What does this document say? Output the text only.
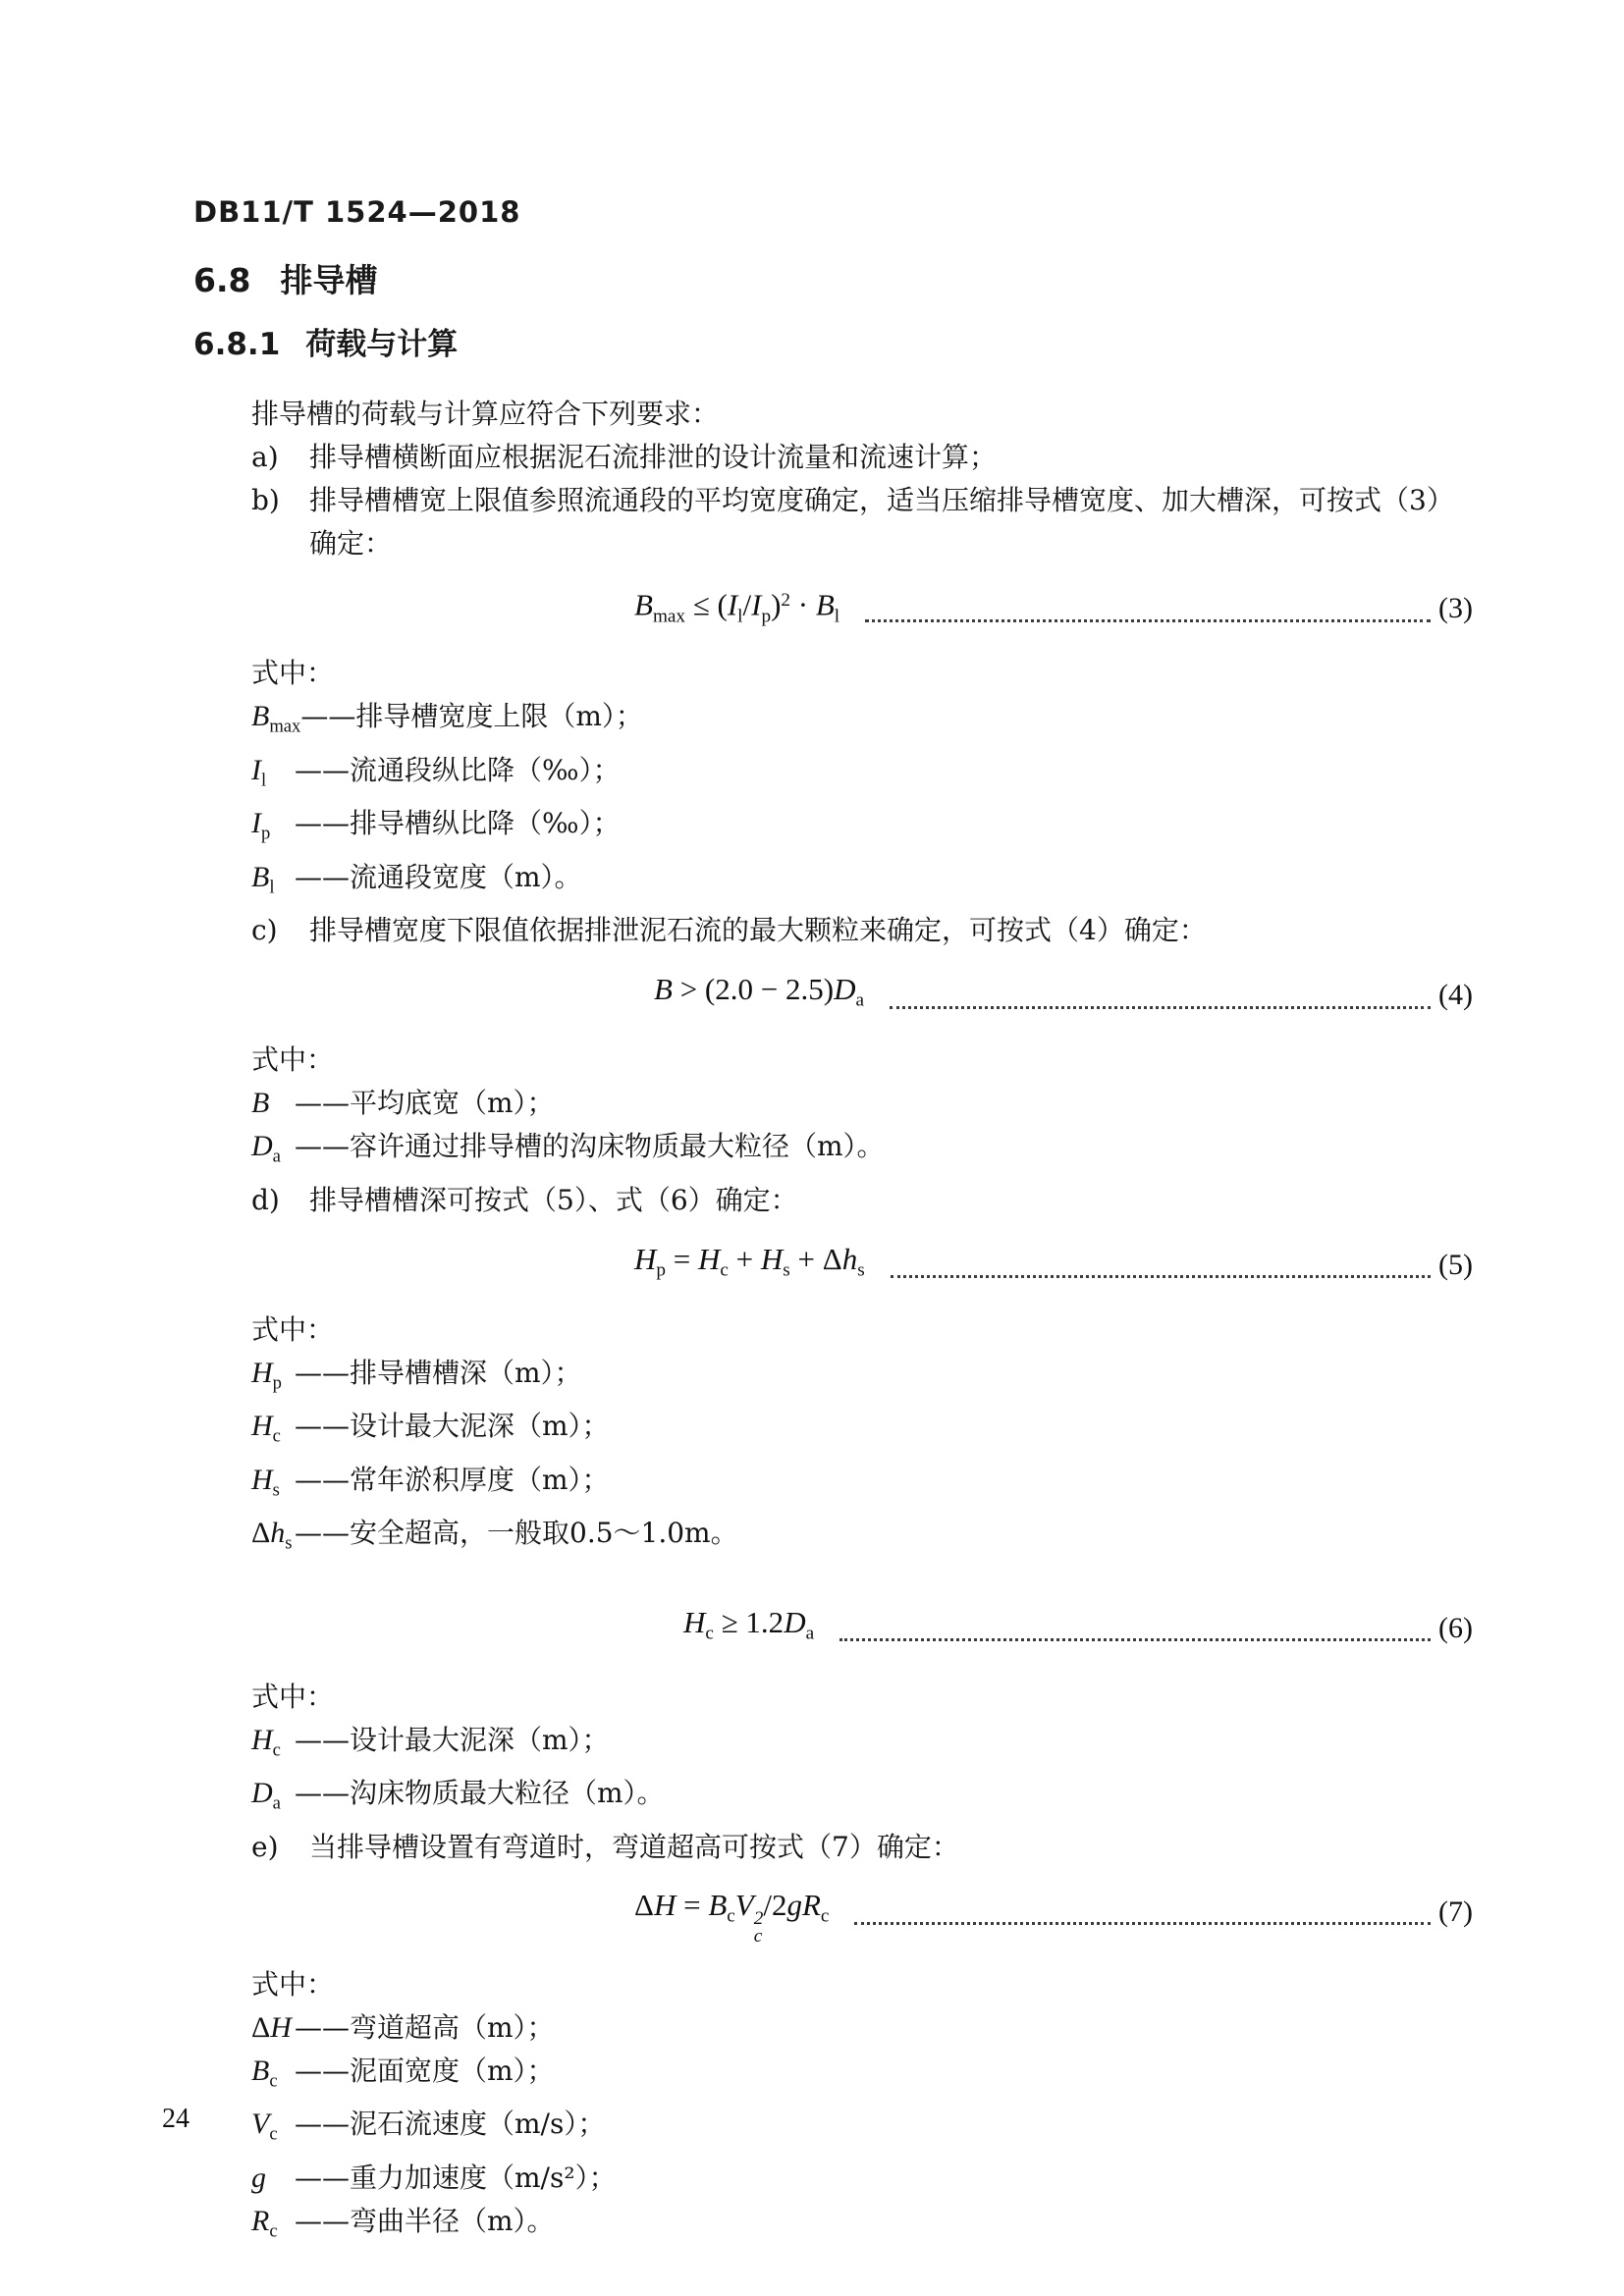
DB11/T 1524—2018
6.8 排导槽
6.8.1 荷载与计算

排导槽的荷载与计算应符合下列要求：

a)	排导槽横断面应根据泥石流排泄的设计流量和流速计算；
b)	排导槽槽宽上限值参照流通段的平均宽度确定，适当压缩排导槽宽度、加大槽深，可按式（3）确定：
$B_{max} \le (I_l/I_p)^2 \cdot B_l$	(3)

式中：

$B_{max}$ ——排导槽宽度上限（m）；
$I_l$	——流通段纵比降（‰）；
$I_p$ ——排导槽纵比降（‰）；
$B_l$ ——流通段宽度（m）。
c)	排导槽宽度下限值依据排泄泥石流的最大颗粒来确定，可按式（4）确定：
$B > (2.0 - 2.5)D_a$	(4)

式中：

B ——平均底宽（m）；
$D_a$ ——容许通过排导槽的沟床物质最大粒径（m）。
d)	排导槽槽深可按式（5）、式（6）确定：
$H_p = H_c + H_s + \Delta h_s$	(5)

式中：

$H_p$ ——排导槽槽深（m）；
$H_c$ ——设计最大泥深（m）；
$H_s$ ——常年淤积厚度（m）；
$\Delta h_s$ ——安全超高，一般取0.5～1.0m。
$H_c \ge 1.2D_a$	(6)

式中：

$H_c$ ——设计最大泥深（m）；
$D_a$ ——沟床物质最大粒径（m）。
e)	当排导槽设置有弯道时，弯道超高可按式（7）确定：
$\Delta H = B_cV$ 2
c
$/2gR_c$	(7)

式中：

ΔH ——弯道超高（m）；
$B_c$ ——泥面宽度（m）；
$V_c$ ——泥石流速度（m/s）；
g	——重力加速度（m/s²）；
$R_c$ ——弯曲半径（m）。
24
